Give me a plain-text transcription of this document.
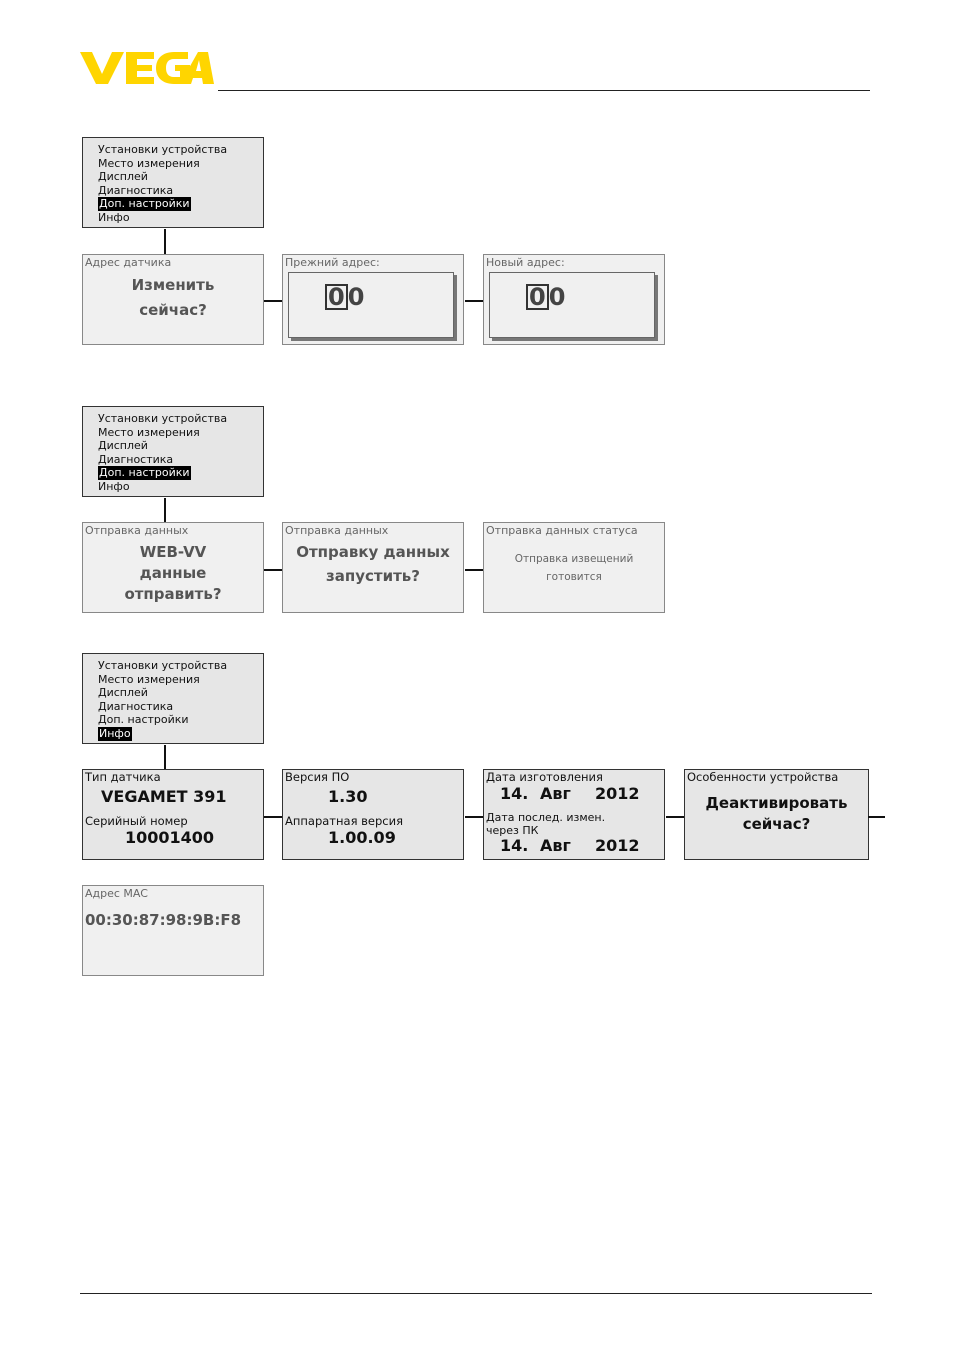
Установки устройства
Место измерения
Дисплей
Диагностика
Доп. настройки
Инфо
Адрес датчика
Изменить
сейчас?
Прежний адрес:
0 0
Новый адрес:
0 0
Установки устройства
Место измерения
Дисплей
Диагностика
Доп. настройки
Инфо
Отправка данных
WEB-VV
данные
отправить?
Отправка данных
Отправку данных
запустить?
Отправка данных статуса
Отправка извещений
готовится
Установки устройства
Место измерения
Дисплей
Диагностика
Доп. настройки
Инфо
Тип датчика
VEGAMET 391
Серийный номер
10001400
Версия ПО
1.30
Аппаратная версия
1.00.09
Дата изготовления
14. Авг 2012
Дата послед. измен.
через ПК
14. Авг 2012
Особенности устройства
Деактивировать
сейчас?
Адрес MAC
00:30:87:98:9B:F8
